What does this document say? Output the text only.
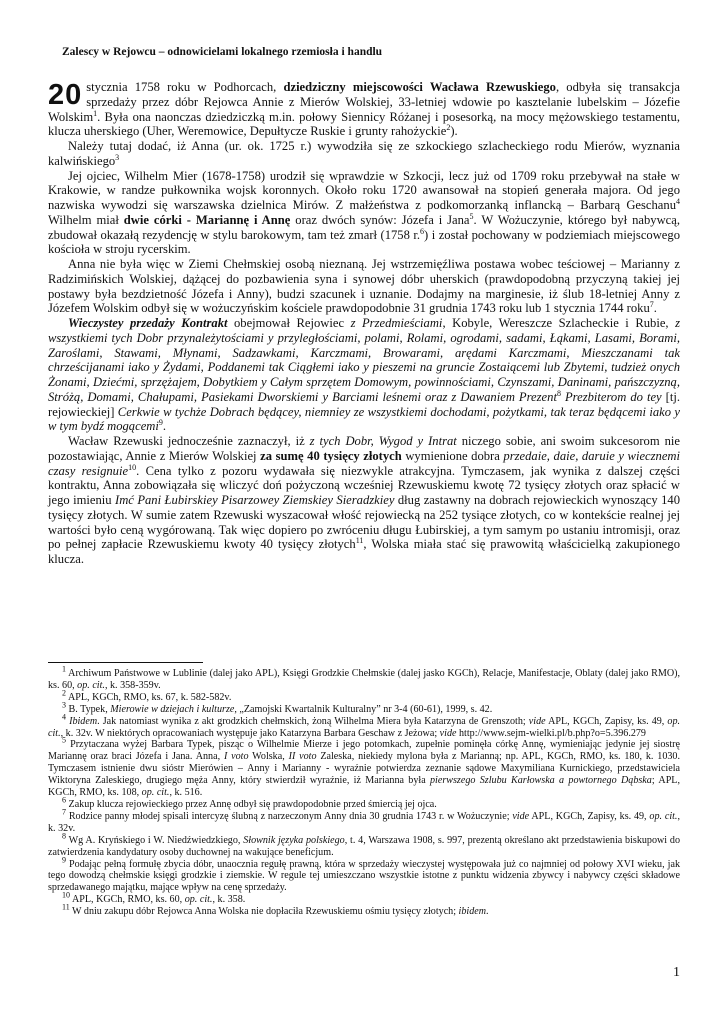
Zalescy w Rejowcu – odnowicielami lokalnego rzemiosła i handlu

20 stycznia 1758 roku w Podhorcach, dziedziczny miejscowości Wacława Rzewuskiego, odbyła się transakcja sprzedaży przez dóbr Rejowca Annie z Mierów Wolskiej, 33-letniej wdowie po kasztelanie lubelskim – Józefie Wolskim$^1$. Była ona naonczas dziedziczką m.in. połowy Siennicy Różanej i posesorką, na mocy mężowskiego testamentu, klucza uherskiego (Uher, Weremowice, Depułtycze Ruskie i grunty rahożyckie$^2$).

Należy tutaj dodać, iż Anna (ur. ok. 1725 r.) wywodziła się ze szkockiego szlacheckiego rodu Mierów, wyznania kalwińskiego$^3$

Jej ojciec, Wilhelm Mier (1678-1758) urodził się wprawdzie w Szkocji, lecz już od 1709 roku przebywał na stałe w Krakowie, w randze pułkownika wojsk koronnych. Około roku 1720 awansował na stopień generała majora. Od jego nazwiska wywodzi się warszawska dzielnica Mirów. Z małżeństwa z podkomorzanką inflancką – Barbarą Geschanu$^4$ Wilhelm miał dwie córki - Mariannę i Annę oraz dwóch synów: Józefa i Jana$^5$. W Wożuczynie, którego był nabywcą, zbudował okazałą rezydencję w stylu barokowym, tam też zmarł (1758 r.$^6$) i został pochowany w podziemiach miejscowego kościoła w stroju rycerskim.

Anna nie była więc w Ziemi Chełmskiej osobą nieznaną. Jej wstrzemięźliwa postawa wobec teściowej – Marianny z Radzimińskich Wolskiej, dążącej do pozbawienia syna i synowej dóbr uherskich (prawdopodobną przyczyną takiej jej postawy była bezdzietność Józefa i Anny), budzi szacunek i uznanie. Dodajmy na marginesie, iż ślub 18-letniej Anny z Józefem Wolskim odbył się w wożuczyńskim kościele prawdopodobnie 31 grudnia 1743 roku lub 1 stycznia 1744 roku$^7$.

Wieczystey przedaży Kontrakt obejmował Rejowiec z Przedmieściami, Kobyle, Wereszcze Szlacheckie i Rubie, z wszystkiemi tych Dobr przynależytościami y przyległościami, polami, Rolami, ogrodami, sadami, Łąkami, Lasami, Borami, Zaroślami, Stawami, Młynami, Sadzawkami, Karczmami, Browarami, arędami Karczmami, Mieszczanami tak chrześcijanami iako y Żydami, Poddanemi tak Ciągłemi iako y pieszemi na gruncie Zostaiącemi lub Zbytemi, tudzież onych Żonami, Dziećmi, sprzężajem, Dobytkiem y Całym sprzętem Domowym, powinnościami, Czynszami, Daninami, pańszczyzną, Stróżą, Domami, Chałupami, Pasiekami Dworskiemi y Barciami leśnemi oraz z Dawaniem Prezent$^8$ Prezbiterom do tey [tj. rejowieckiej] Cerkwie w tychże Dobrach będącey, niemniey ze wszystkiemi dochodami, pożytkami, tak teraz będącemi iako y w tym bydź mogącemi$^9$.

Wacław Rzewuski jednocześnie zaznaczył, iż z tych Dobr, Wygod y Intrat niczego sobie, ani swoim sukcesorom nie pozostawiając, Annie z Mierów Wolskiej za sumę 40 tysięcy złotych wymienione dobra przedaie, daie, daruie y wiecznemi czasy resignuie$^{10}$. Cena tylko z pozoru wydawała się niezwykle atrakcyjna. Tymczasem, jak wynika z dalszej części kontraktu, Anna zobowiązała się wliczyć doń pożyczoną wcześniej Rzewuskiemu kwotę 72 tysięcy złotych oraz spłacić w jego imieniu Imć Pani Łubirskiey Pisarzowey Ziemskiey Sieradzkiey dług zastawny na dobrach rejowieckich wynoszący 140 tysięcy złotych. W sumie zatem Rzewuski wyszacował włość rejowiecką na 252 tysiące złotych, co w kontekście realnej jej wartości było ceną wygórowaną. Tak więc dopiero po zwróceniu długu Łubirskiej, a tym samym po ustaniu intromisji, oraz po pełnej zapłacie Rzewuskiemu kwoty 40 tysięcy złotych$^{11}$, Wolska miała stać się prawowitą właścicielką zakupionego klucza.

$^1$ Archiwum Państwowe w Lublinie (dalej jako APL), Księgi Grodzkie Chełmskie (dalej jasko KGCh), Relacje, Manifestacje, Oblaty (dalej jako RMO), ks. 60, op. cit., k. 358-359v.

$^2$ APL, KGCh, RMO, ks. 67, k. 582-582v.

$^3$ B. Typek, Mierowie w dziejach i kulturze, „Zamojski Kwartalnik Kulturalny” nr 3-4 (60-61), 1999, s. 42.

$^4$ Ibidem. Jak natomiast wynika z akt grodzkich chełmskich, żoną Wilhelma Miera była Katarzyna de Grenszoth; vide APL, KGCh, Zapisy, ks. 49, op. cit., k. 32v. W niektórych opracowaniach występuje jako Katarzyna Barbara Geschaw z Jeżowa; vide http://www.sejm-wielki.pl/b.php?o=5.396.279

$^5$ Przytaczana wyżej Barbara Typek, pisząc o Wilhelmie Mierze i jego potomkach, zupełnie pominęła córkę Annę, wymieniając jedynie jej siostrę Mariannę oraz braci Józefa i Jana. Anna, I voto Wolska, II voto Zaleska, niekiedy mylona była z Marianną; np. APL, KGCh, RMO, ks. 180, k. 1030. Tymczasem istnienie dwu sióstr Mierówien – Anny i Marianny - wyraźnie potwierdza zeznanie sądowe Maxymiliana Kurnickiego, przedstawiciela Wiktoryna Zaleskiego, drugiego męża Anny, który stwierdził wyraźnie, iż Marianna była pierwszego Szlubu Karłowska a powtornego Dąbska; APL, KGCh, RMO, ks. 108, op. cit., k. 516.

$^6$ Zakup klucza rejowieckiego przez Annę odbył się prawdopodobnie przed śmiercią jej ojca.

$^7$ Rodzice panny młodej spisali intercyzę ślubną z narzeczonym Anny dnia 30 grudnia 1743 r. w Wożuczynie; vide APL, KGCh, Zapisy, ks. 49, op. cit., k. 32v.

$^8$ Wg A. Kryńskiego i W. Niedźwiedzkiego, Słownik języka polskiego, t. 4, Warszawa 1908, s. 997, prezentą określano akt przedstawienia biskupowi do zatwierdzenia kandydatury osoby duchownej na wakujące beneficjum.

$^9$ Podając pełną formułę zbycia dóbr, unaocznia regułę prawną, która w sprzedaży wieczystej występowała już co najmniej od połowy XVI wieku, jak tego dowodzą chełmskie księgi grodzkie i ziemskie. W regule tej umieszczano wszystkie istotne z punktu widzenia zbywcy i nabywcy części składowe sprzedawanego majątku, mające wpływ na cenę sprzedaży.

$^{10}$ APL, KGCh, RMO, ks. 60, op. cit., k. 358.

$^{11}$ W dniu zakupu dóbr Rejowca Anna Wolska nie dopłaciła Rzewuskiemu ośmiu tysięcy złotych; ibidem.

1
